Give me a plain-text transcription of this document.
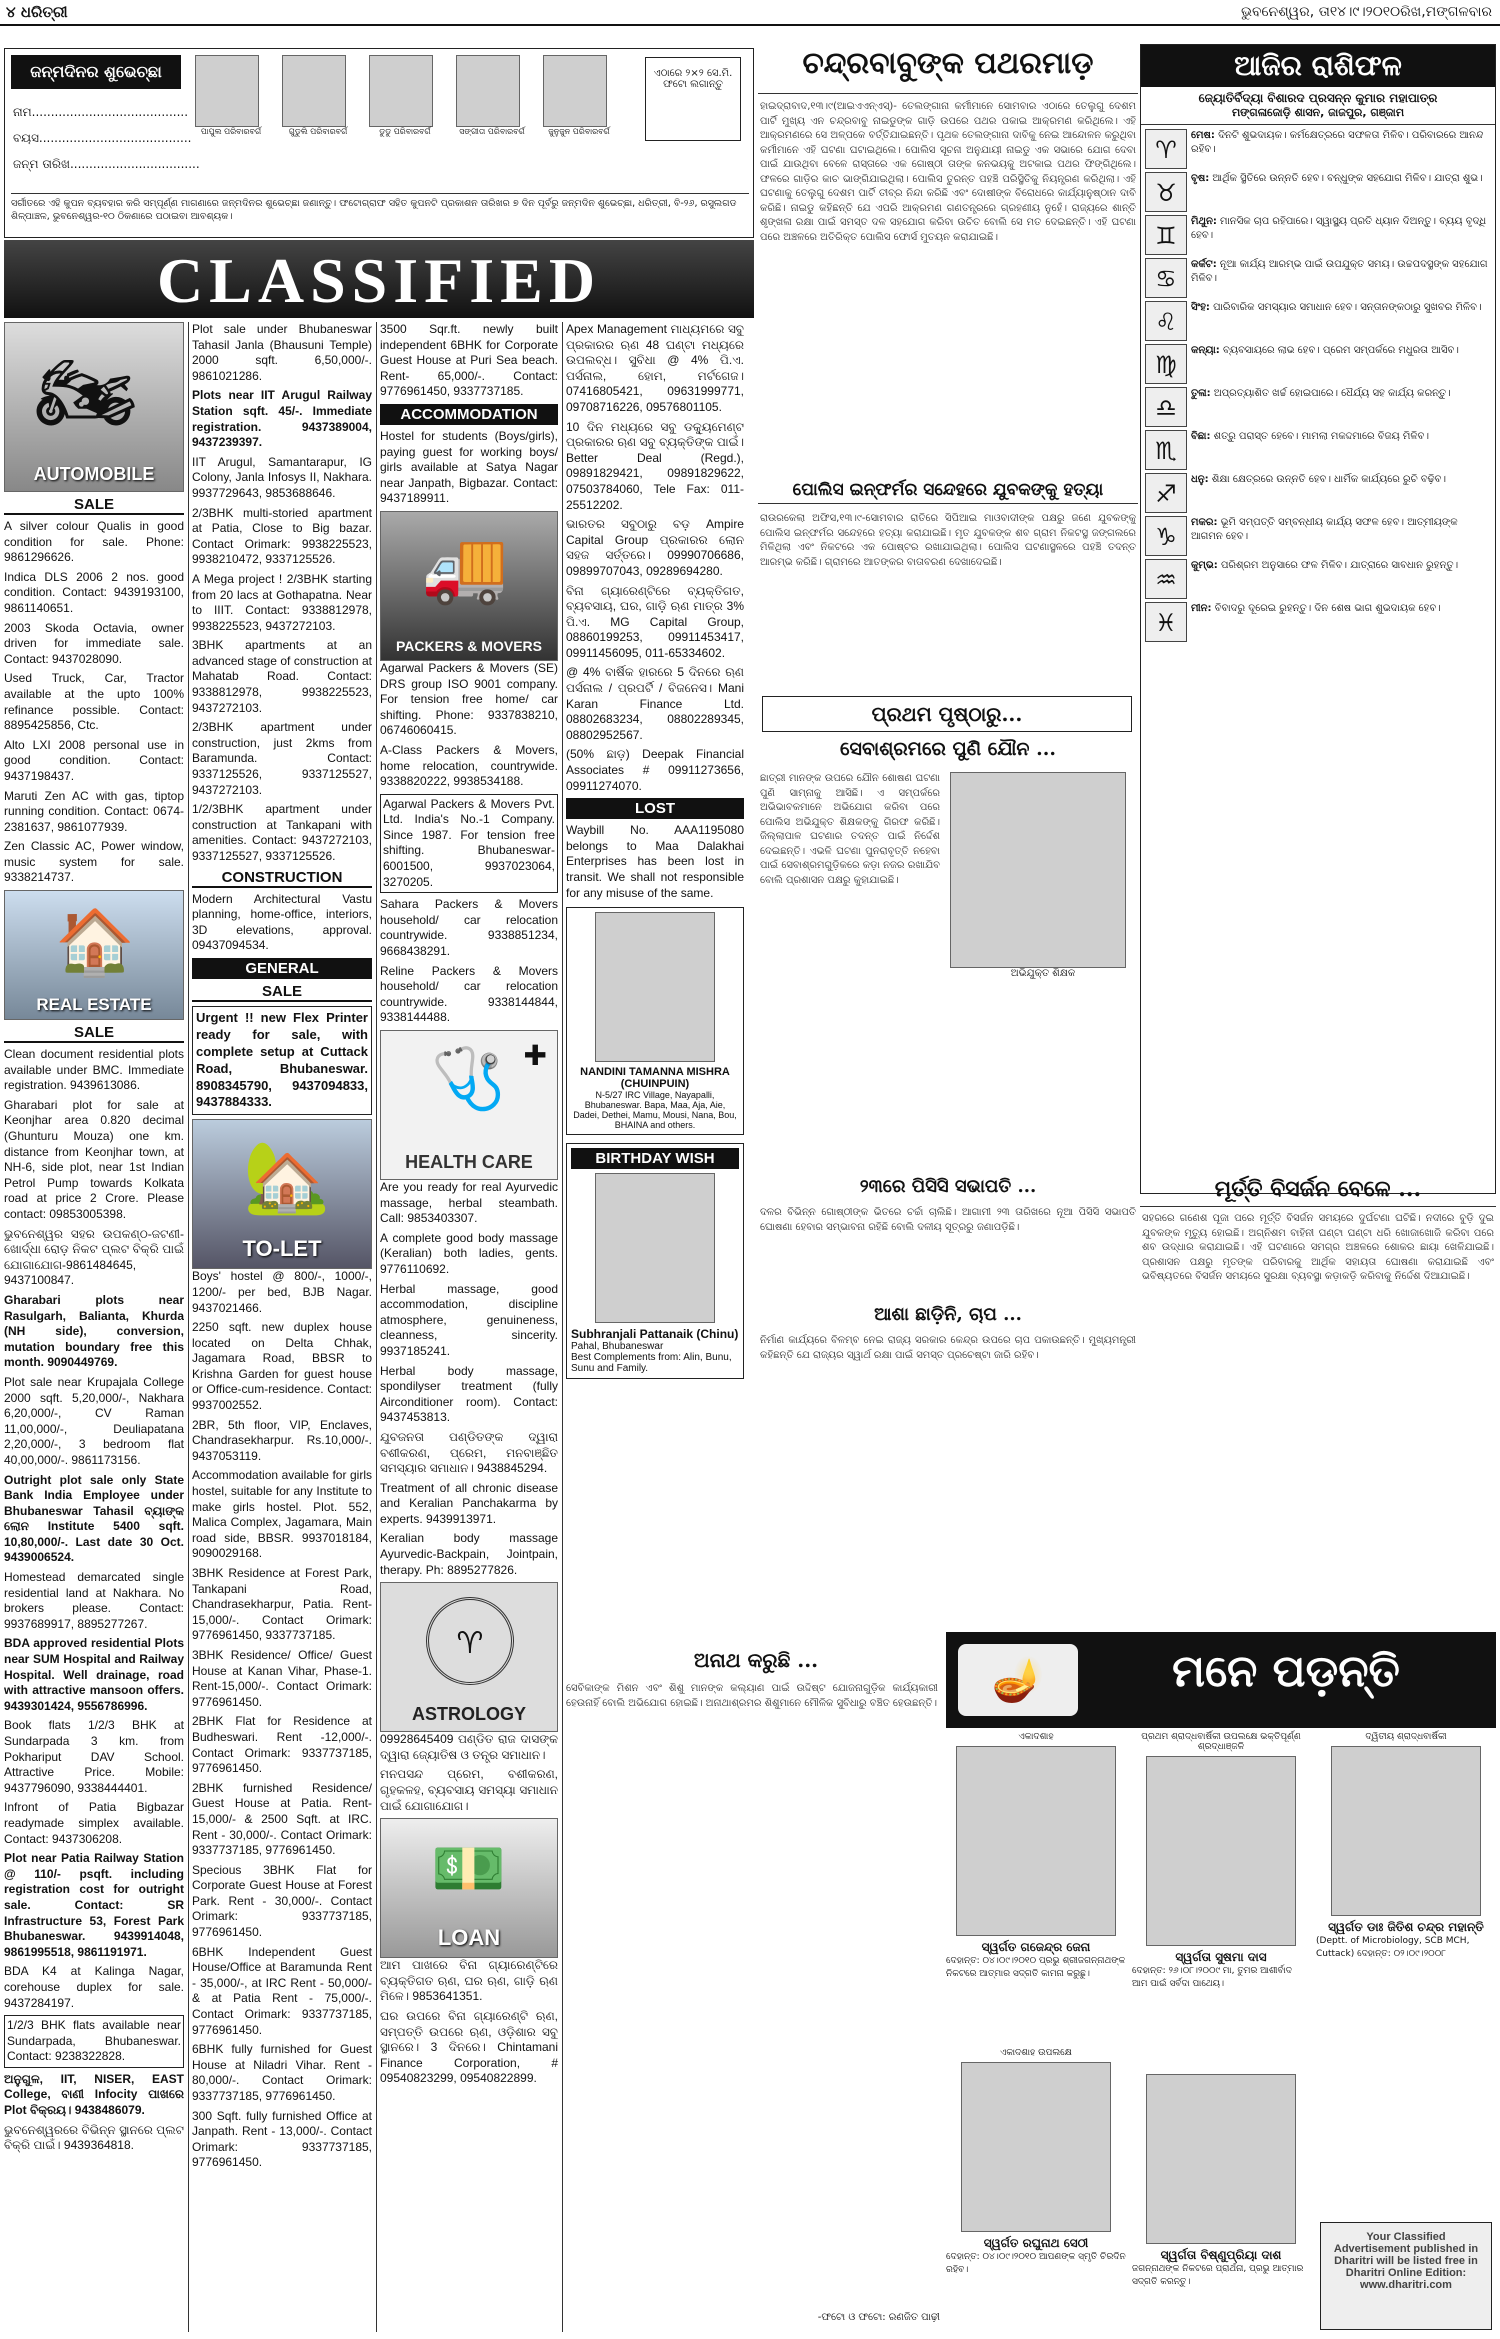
୪ ଧରିତ୍ରୀ	ଭୁବନେଶ୍ୱର, ତା୧୪।୯।୨୦୧୦ରିଖ,ମଙ୍ଗଳବାର
ଜନ୍ମଦିନର ଶୁଭେଚ୍ଛା
ନାମ.........................................
ବୟସ........................................
ଜନ୍ମ ତାରିଖ..................................
ପାପୁଲ ପରିବାରବର୍ଗ	ଗୁଡୁଲି ପରିବାରବର୍ଗ	ଡୁଡୁ ପରିବାରବର୍ଗ	ସଙ୍ଗୀତା ପରିବାରବର୍ଗ	ଜୁନୁଜୁନ ପରିବାରବର୍ଗ
ଏଠାରେ ୨×୨ ସେ.ମି. ଫଟୋ ଲଗାନ୍ତୁ
ସର୍ଗୀତରେ ଏହି କୁପନ ବ୍ୟବହାର କରି ସମ୍ପୂର୍ଣ୍ଣ ମାଗଣାରେ ଜନ୍ମଦିନର ଶୁଭେଚ୍ଛା ଜଣାନ୍ତୁ। ଫଟୋଗ୍ରାଫ ସହିତ କୁପନଟି ପ୍ରକାଶନ ତାରିଖର ୭ ଦିନ ପୂର୍ବରୁ ଜନ୍ମଦିନ ଶୁଭେଚ୍ଛା, ଧରିତ୍ରୀ, ବି-୨୬, ରସୁଲଗଡ ଶିଳ୍ପାଞ୍ଚଳ, ଭୁବନେଶ୍ୱର-୧୦ ଠିକଣାରେ ପଠାଇବା ଆବଶ୍ୟକ।
CLASSIFIED
🏍
AUTOMOBILE
SALE
A silver colour Qualis in good condition for sale. Phone: 9861296626.
Indica DLS 2006 2 nos. good condition. Contact: 9439193100, 9861140651.
2003 Skoda Octavia, owner driven for immediate sale. Contact: 9437028090.
Used Truck, Car, Tractor available at the upto 100% refinance possible. Contact: 8895425856, Ctc.
Alto LXI 2008 personal use in good condition. Contact: 9437198437.
Maruti Zen AC with gas, tiptop running condition. Contact: 0674-2381637, 9861077939.
Zen Classic AC, Power window, music system for sale. 9338214737.
🏠
REAL ESTATE
SALE
Clean document residential plots available under BMC. Immediate registration. 9439613086.
Gharabari plot for sale at Keonjhar area 0.820 decimal (Ghunturu Mouza) one km. distance from Keonjhar town, at NH-6, side plot, near 1st Indian Petrol Pump towards Kolkata road at price 2 Crore. Please contact: 09853005398.
ଭୁବନେଶ୍ୱର ସହର ଉପକଣ୍ଠ-ଜଟଣୀ-ଖୋର୍ଦ୍ଧା ରୋଡ଼ ନିକଟ ପ୍ଲଟ ବିକ୍ରି ପାଇଁ ଯୋଗାଯୋଗ-9861484645, 9437100847.
Gharabari plots near Rasulgarh, Balianta, Khurda (NH side), conversion, mutation boundary free this month. 9090449769.
Plot sale near Krupajala College 2000 sqft. 5,20,000/-, Nakhara 6,20,000/-, CV Raman 11,00,000/-, Deuliapatana 2,20,000/-, 3 bedroom flat 40,00,000/-. 9861173156.
Outright plot sale only State Bank India Employee under Bhubaneswar Tahasil ବ୍ୟାଙ୍କ ଲୋନ Institute 5400 sqft. 10,80,000/-. Last date 30 Oct. 9439006524.
Homestead demarcated single residential land at Nakhara. No brokers please. Contact: 9937689917, 8895277267.
BDA approved residential Plots near SUM Hospital and Railway Hospital. Well drainage, road with attractive mansoon offers. 9439301424, 9556786996.
Book flats 1/2/3 BHK at Sundarpada 3 km. from Pokhariput DAV School. Attractive Price. Mobile: 9437796090, 9338444401.
Infront of Patia Bigbazar readymade simplex available. Contact: 9437306208.
Plot near Patia Railway Station @ 110/- psqft. including registration cost for outright sale. Contact: SR Infrastructure 53, Forest Park Bhubaneswar. 9439914048, 9861995518, 9861191971.
BDA K4 at Kalinga Nagar, corehouse duplex for sale. 9437284197.
1/2/3 BHK flats available near Sundarpada, Bhubaneswar. Contact: 9238322828.
ଅନୁଗୁଳ, IIT, NISER, EAST College, ବାଣୀ Infocity ପାଖରେ Plot ବିକ୍ରୟ। 9438486079.
ଭୁବନେଶ୍ୱରରେ ବିଭିନ୍ନ ସ୍ଥାନରେ ପ୍ଲଟ ବିକ୍ରି ପାଇଁ। 9439364818.
Plot sale under Bhubaneswar Tahasil Janla (Bhausuni Temple) 2000 sqft. 6,50,000/-. 9861021286.
Plots near IIT Arugul Railway Station sqft. 45/-. Immediate registration. 9437389004, 9437239397.
IIT Arugul, Samantarapur, IG Colony, Janla Infosys II, Nakhara. 9937729643, 9853688646.
2/3BHK multi-storied apartment at Patia, Close to Big bazar. Contact Orimark: 9938225523, 9938210472, 9337125526.
A Mega project ! 2/3BHK starting from 20 lacs at Gothapatna. Near to IIIT. Contact: 9338812978, 9938225523, 9437272103.
3BHK apartments at an advanced stage of construction at Mahatab Road. Contact: 9338812978, 9938225523, 9437272103.
2/3BHK apartment under construction, just 2kms from Baramunda. Contact: 9337125526, 9337125527, 9437272103.
1/2/3BHK apartment under construction at Tankapani with amenities. Contact: 9437272103, 9337125527, 9337125526.
CONSTRUCTION
Modern Architectural Vastu planning, home-office, interiors, 3D elevations, approval. 09437094534.
GENERAL
SALE
Urgent !! new Flex Printer ready for sale, with complete setup at Cuttack Road, Bhubaneswar. 8908345790, 9437094833, 9437884333.
🏡
TO-LET
Boys' hostel @ 800/-, 1000/-, 1200/- per bed, BJB Nagar. 9437021466.
2250 sqft. new duplex house located on Delta Chhak, Jagamara Road, BBSR to Krishna Garden for guest house or Office-cum-residence. Contact: 9937002552.
2BR, 5th floor, VIP, Enclaves, Chandrasekharpur. Rs.10,000/-. 9437053119.
Accommodation available for girls hostel, suitable for any Institute to make girls hostel. Plot. 552, Malica Complex, Jagamara, Main road side, BBSR. 9937018184, 9090029168.
3BHK Residence at Forest Park, Tankapani Road, Chandrasekharpur, Patia. Rent-15,000/-. Contact Orimark: 9776961450, 9337737185.
3BHK Residence/ Office/ Guest House at Kanan Vihar, Phase-1. Rent-15,000/-. Contact Orimark: 9776961450.
2BHK Flat for Residence at Budheswari. Rent -12,000/-. Contact Orimark: 9337737185, 9776961450.
2BHK furnished Residence/ Guest House at Patia. Rent-15,000/- & 2500 Sqft. at IRC. Rent - 30,000/-. Contact Orimark: 9337737185, 9776961450.
Specious 3BHK Flat for Corporate Guest House at Forest Park. Rent - 30,000/-. Contact Orimark: 9337737185, 9776961450.
6BHK Independent Guest House/Office at Baramunda Rent - 35,000/-, at IRC Rent - 50,000/- & at Patia Rent - 75,000/-. Contact Orimark: 9337737185, 9776961450.
6BHK fully furnished for Guest House at Niladri Vihar. Rent - 80,000/-. Contact Orimark: 9337737185, 9776961450.
300 Sqft. fully furnished Office at Janpath. Rent - 13,000/-. Contact Orimark: 9337737185, 9776961450.
3500 Sqr.ft. newly built independent 6BHK for Corporate Guest House at Puri Sea beach. Rent- 65,000/-. Contact: 9776961450, 9337737185.
ACCOMMODATION
Hostel for students (Boys/girls), paying guest for working boys/ girls available at Satya Nagar near Janpath, Bigbazar. Contact: 9437189911.
🚚
PACKERS & MOVERS
Agarwal Packers & Movers (SE) DRS group ISO 9001 company. For tension free home/ car shifting. Phone: 9337838210, 06746060415.
A-Class Packers & Movers, home relocation, countrywide. 9338820222, 9938534188.
Agarwal Packers & Movers Pvt. Ltd. India's No.-1 Company. Since 1987. For tension free shifting. Bhubaneswar-6001500, 9937023064, 3270205.
Sahara Packers & Movers household/ car relocation countrywide. 9338851234, 9668438291.
Reline Packers & Movers household/ car relocation countrywide. 9338144844, 9338144488.
🩺 ✚
HEALTH CARE
Are you ready for real Ayurvedic massage, herbal steambath. Call: 9853403307.
A complete good body massage (Keralian) both ladies, gents. 9776110692.
Herbal massage, good accommodation, discipline atmosphere, genuineness, cleanness, sincerity. 9937185241.
Herbal body massage, spondilyser treatment (fully Airconditioner room). Contact: 9437453813.
ଯୁବଜନତା ପଣ୍ଡିତଙ୍କ ଦ୍ୱାରା ବଶୀକରଣ, ପ୍ରେମ, ମନବାଞ୍ଛିତ ସମସ୍ୟାର ସମାଧାନ। 9438845294.
Treatment of all chronic disease and Keralian Panchakarma by experts. 9439913971.
Keralian body massage Ayurvedic-Backpain, Jointpain, therapy. Ph: 8895277826.
♈
ASTROLOGY
09928645409 ପଣ୍ଡିତ ରାଜ ଦାସଙ୍କ ଦ୍ୱାରା ଜ୍ୟୋତିଷ ଓ ତନ୍ତ୍ର ସମାଧାନ।
ମନପସନ୍ଦ ପ୍ରେମ, ବଶୀକରଣ, ଗୃହକଳହ, ବ୍ୟବସାୟ ସମସ୍ୟା ସମାଧାନ ପାଇଁ ଯୋଗାଯୋଗ।
💵
LOAN
ଆମ ପାଖରେ ବିନା ଗ୍ୟାରେଣ୍ଟିରେ ବ୍ୟକ୍ତିଗତ ଋଣ, ଘର ଋଣ, ଗାଡ଼ି ଋଣ ମିଳେ। 9853641351.
ଘର ଉପରେ ବିନା ଗ୍ୟାରେଣ୍ଟି ଋଣ, ସମ୍ପତ୍ତି ଉପରେ ଋଣ, ଓଡ଼ିଶାର ସବୁ ସ୍ଥାନରେ। 3 ଦିନରେ। Chintamani Finance Corporation, # 09540823299, 09540822899.
Apex Management ମାଧ୍ୟମରେ ସବୁ ପ୍ରକାରର ଋଣ 48 ଘଣ୍ଟା ମଧ୍ୟରେ ଉପଲବ୍ଧ। ସୁବିଧା @ 4% ପି.ଏ. ପର୍ସନାଲ, ହୋମ, ମର୍ଟଗେଜ। 07416805421, 09631999771, 09708716226, 09576801105.
10 ଦିନ ମଧ୍ୟରେ ସବୁ ଡକ୍ୟୁମେଣ୍ଟ ପ୍ରକାରର ଋଣ ସବୁ ବ୍ୟକ୍ତିଙ୍କ ପାଇଁ। Better Deal (Regd.), 09891829421, 09891829622, 07503784060, Tele Fax: 011-25512202.
ଭାରତର ସବୁଠାରୁ ବଡ଼ Ampire Capital Group ପ୍ରକାରର ଲୋନ ସହଜ ସର୍ତ୍ତରେ। 09990706686, 09899707043, 09289694280.
ବିନା ଗ୍ୟାରେଣ୍ଟିରେ ବ୍ୟକ୍ତିଗତ, ବ୍ୟବସାୟ, ଘର, ଗାଡ଼ି ଋଣ ମାତ୍ର 3% ପି.ଏ. MG Capital Group, 08860199253, 09911453417, 09911456095, 011-65334602.
@ 4% ବାର୍ଷିକ ହାରରେ 5 ଦିନରେ ଋଣ ପର୍ସନାଲ / ପ୍ରପର୍ଟି / ବିଜନେସ। Mani Karan Finance Ltd. 08802683234, 08802289345, 08802952567.
(50% ଛାଡ଼) Deepak Financial Associates # 09911273656, 09911274070.
LOST
Waybill No. AAA1195080 belongs to Maa Dalakhai Enterprises has been lost in transit. We shall not responsible for any misuse of the same.
NANDINI TAMANNA MISHRA (CHUINPUIN)
N-5/27 IRC Village, Nayapalli, Bhubaneswar. Bapa, Maa, Aja, Aie, Dadei, Dethei, Mamu, Mousi, Nana, Bou, BHAINA and others.
BIRTHDAY WISH
Subhranjali Pattanaik (Chinu)
Pahal, Bhubaneswar
Best Complements from: Alin, Bunu, Sunu and Family.
ଚନ୍ଦ୍ରବାବୁଙ୍କ ପଥରମାଡ଼
ହାଇଦ୍ରାବାଦ,୧୩।୯(ଆଇଏଏନ୍‌ଏସ୍‌)- ତେଲଙ୍ଗାନା କର୍ମୀମାନେ ସୋମବାର ଏଠାରେ ତେଲୁଗୁ ଦେଶମ ପାର୍ଟି ମୁଖ୍ୟ ଏନ ଚନ୍ଦ୍ରବାବୁ ନାଇଡୁଙ୍କ ଗାଡ଼ି ଉପରେ ପଥର ପକାଇ ଆକ୍ରମଣ କରିଥିଲେ। ଏହି ଆକ୍ରମଣରେ ସେ ଅଳ୍ପକେ ବର୍ତ୍ତିଯାଇଛନ୍ତି। ପୃଥକ ତେଲଙ୍ଗାନା ଦାବିକୁ ନେଇ ଆନ୍ଦୋଳନ କରୁଥିବା କର୍ମୀମାନେ ଏହି ଘଟଣା ଘଟାଇଥିଲେ। ପୋଲିସ ସୂଚନା ଅନୁଯାୟୀ ନାଇଡୁ ଏକ ସଭାରେ ଯୋଗ ଦେବା ପାଇଁ ଯାଉଥିବା ବେଳେ ରାସ୍ତାରେ ଏକ ଗୋଷ୍ଠୀ ତାଙ୍କ କନଭୟକୁ ଅଟକାଇ ପଥର ଫିଙ୍ଗିଥିଲେ। ଫଳରେ ଗାଡ଼ିର କାଚ ଭାଙ୍ଗିଯାଇଥିଲା। ପୋଲିସ ତୁରନ୍ତ ପହଞ୍ଚି ପରିସ୍ଥିତିକୁ ନିୟନ୍ତ୍ରଣ କରିଥିଲା। ଏହି ଘଟଣାକୁ ତେଲୁଗୁ ଦେଶମ ପାର୍ଟି ତୀବ୍ର ନିନ୍ଦା କରିଛି ଏବଂ ଦୋଷୀଙ୍କ ବିରୋଧରେ କାର୍ଯ୍ୟାନୁଷ୍ଠାନ ଦାବି କରିଛି। ନାଇଡୁ କହିଛନ୍ତି ଯେ ଏପରି ଆକ୍ରମଣ ଗଣତନ୍ତ୍ରରେ ଗ୍ରହଣୀୟ ନୁହେଁ। ରାଜ୍ୟରେ ଶାନ୍ତି ଶୃଙ୍ଖଳା ରକ୍ଷା ପାଇଁ ସମସ୍ତ ଦଳ ସହଯୋଗ କରିବା ଉଚିତ ବୋଲି ସେ ମତ ଦେଇଛନ୍ତି। ଏହି ଘଟଣା ପରେ ଅଞ୍ଚଳରେ ଅତିରିକ୍ତ ପୋଲିସ ଫୋର୍ସ ମୁତୟନ କରାଯାଇଛି।
ପୋଲିସ ଇନ୍‌ଫର୍ମର ସନ୍ଦେହରେ ଯୁବକଙ୍କୁ ହତ୍ୟା
ରାଉରକେଲା ଅଫିସ,୧୩।୯-ସୋମବାର ରାତିରେ ସିପିଆଇ ମାଓବାଦୀଙ୍କ ପକ୍ଷରୁ ଜଣେ ଯୁବକଙ୍କୁ ପୋଲିସ ଇନ୍‌ଫର୍ମର ସନ୍ଦେହରେ ହତ୍ୟା କରାଯାଇଛି। ମୃତ ଯୁବକଙ୍କ ଶବ ଗ୍ରାମ ନିକଟସ୍ଥ ଜଙ୍ଗଲରେ ମିଳିଥିଲା ଏବଂ ନିକଟରେ ଏକ ପୋଷ୍ଟର ରଖାଯାଇଥିଲା। ପୋଲିସ ଘଟଣାସ୍ଥଳରେ ପହଞ୍ଚି ତଦନ୍ତ ଆରମ୍ଭ କରିଛି। ଗ୍ରାମରେ ଆତଙ୍କର ବାତାବରଣ ଦେଖାଦେଇଛି।
ପ୍ରଥମ ପୃଷ୍ଠାରୁ...
ସେବାଶ୍ରମରେ ପୁଣି ଯୌନ ...
ଛାତ୍ରୀ ମାନଙ୍କ ଉପରେ ଯୌନ ଶୋଷଣ ଘଟଣା ପୁଣି ସାମ୍ନାକୁ ଆସିଛି। ଏ ସମ୍ପର୍କରେ ଅଭିଭାବକମାନେ ଅଭିଯୋଗ କରିବା ପରେ ପୋଲିସ ଅଭିଯୁକ୍ତ ଶିକ୍ଷକଙ୍କୁ ଗିରଫ କରିଛି। ଜିଲ୍ଲାପାଳ ଘଟଣାର ତଦନ୍ତ ପାଇଁ ନିର୍ଦ୍ଦେଶ ଦେଇଛନ୍ତି। ଏଭଳି ଘଟଣା ପୁନରାବୃତ୍ତି ନହେବା ପାଇଁ ସେବାଶ୍ରମଗୁଡ଼ିକରେ କଡ଼ା ନଜର ରଖାଯିବ ବୋଲି ପ୍ରଶାସନ ପକ୍ଷରୁ କୁହାଯାଇଛି।
ଅଭିଯୁକ୍ତ ଶିକ୍ଷକ
୨୩ରେ ପିସିସି ସଭାପତି ...
ଦଳର ବିଭିନ୍ନ ଗୋଷ୍ଠୀଙ୍କ ଭିତରେ ଚର୍ଚ୍ଚା ଚାଲିଛି। ଆଗାମୀ ୨୩ ତାରିଖରେ ନୂଆ ପିସିସି ସଭାପତି ଘୋଷଣା ହେବାର ସମ୍ଭାବନା ରହିଛି ବୋଲି ଦଳୀୟ ସୂତ୍ରରୁ ଜଣାପଡ଼ିଛି।
ଆଶା ଛାଡ଼ିନି, ଚାପ ...
ନିର୍ମାଣ କାର୍ଯ୍ୟରେ ବିଳମ୍ବ ନେଇ ରାଜ୍ୟ ସରକାର କେନ୍ଦ୍ର ଉପରେ ଚାପ ପକାଉଛନ୍ତି। ମୁଖ୍ୟମନ୍ତ୍ରୀ କହିଛନ୍ତି ଯେ ରାଜ୍ୟର ସ୍ୱାର୍ଥ ରକ୍ଷା ପାଇଁ ସମସ୍ତ ପ୍ରଚେଷ୍ଟା ଜାରି ରହିବ।
ଅନାଥ କରୁଛି ...
ସେବିକାଙ୍କ ମିଶନ ଏବଂ ଶିଶୁ ମାନଙ୍କ କଲ୍ୟାଣ ପାଇଁ ଉଦ୍ଦିଷ୍ଟ ଯୋଜନାଗୁଡ଼ିକ କାର୍ଯ୍ୟକାରୀ ହେଉନାହିଁ ବୋଲି ଅଭିଯୋଗ ହୋଇଛି। ଅନାଥାଶ୍ରମର ଶିଶୁମାନେ ମୌଳିକ ସୁବିଧାରୁ ବଞ୍ଚିତ ହେଉଛନ୍ତି।
-ଫଟୋ ଓ ଫଟୋ: ରଣଜିତ ପାଢ଼ୀ
ଆଜିର ରାଶିଫଳ
ଜ୍ୟୋତିର୍ବିଦ୍ୟା ବିଶାରଦ ପ୍ରସନ୍ନ କୁମାର ମହାପାତ୍ର
ମଙ୍ଗଳାଜୋଡ଼ି ଶାସନ, ଜାଜପୁର, ଗଞ୍ଜାମ
♈
ମେଷ: ଦିନଟି ଶୁଭଦାୟକ। କର୍ମକ୍ଷେତ୍ରରେ ସଫଳତା ମିଳିବ। ପରିବାରରେ ଆନନ୍ଦ ରହିବ।
♉
ବୃଷ: ଆର୍ଥିକ ସ୍ଥିତିରେ ଉନ୍ନତି ହେବ। ବନ୍ଧୁଙ୍କ ସହଯୋଗ ମିଳିବ। ଯାତ୍ରା ଶୁଭ।
♊
ମିଥୁନ: ମାନସିକ ଚାପ ରହିପାରେ। ସ୍ୱାସ୍ଥ୍ୟ ପ୍ରତି ଧ୍ୟାନ ଦିଅନ୍ତୁ। ବ୍ୟୟ ବୃଦ୍ଧି ହେବ।
♋
କର୍କଟ: ନୂଆ କାର୍ଯ୍ୟ ଆରମ୍ଭ ପାଇଁ ଉପଯୁକ୍ତ ସମୟ। ଉଚ୍ଚପଦସ୍ଥଙ୍କ ସହଯୋଗ ମିଳିବ।
♌
ସିଂହ: ପାରିବାରିକ ସମସ୍ୟାର ସମାଧାନ ହେବ। ସନ୍ତାନଙ୍କଠାରୁ ସୁଖବର ମିଳିବ।
♍
କନ୍ୟା: ବ୍ୟବସାୟରେ ଲାଭ ହେବ। ପ୍ରେମ ସମ୍ପର୍କରେ ମଧୁରତା ଆସିବ।
♎
ତୁଳା: ଅପ୍ରତ୍ୟାଶିତ ଖର୍ଚ୍ଚ ହୋଇପାରେ। ଧୈର୍ଯ୍ୟ ସହ କାର୍ଯ୍ୟ କରନ୍ତୁ।
♏
ବିଛା: ଶତ୍ରୁ ପରାସ୍ତ ହେବେ। ମାମଲା ମକଦ୍ଦମାରେ ବିଜୟ ମିଳିବ।
♐
ଧନୁ: ଶିକ୍ଷା କ୍ଷେତ୍ରରେ ଉନ୍ନତି ହେବ। ଧାର୍ମିକ କାର୍ଯ୍ୟରେ ରୁଚି ବଢ଼ିବ।
♑
ମକର: ଭୂମି ସମ୍ପତ୍ତି ସମ୍ବନ୍ଧୀୟ କାର୍ଯ୍ୟ ସଫଳ ହେବ। ଆତ୍ମୀୟଙ୍କ ଆଗମନ ହେବ।
♒
କୁମ୍ଭ: ପରିଶ୍ରମ ଅନୁସାରେ ଫଳ ମିଳିବ। ଯାତ୍ରାରେ ସାବଧାନ ରୁହନ୍ତୁ।
♓
ମୀନ: ବିବାଦରୁ ଦୂରେଇ ରୁହନ୍ତୁ। ଦିନ ଶେଷ ଭାଗ ଶୁଭଦାୟକ ହେବ।
ମୂର୍ତ୍ତି ବିସର୍ଜନ ବେଳେ ...
ସହରରେ ଗଣେଶ ପୂଜା ପରେ ମୂର୍ତ୍ତି ବିସର୍ଜନ ସମୟରେ ଦୁର୍ଘଟଣା ଘଟିଛି। ନଦୀରେ ବୁଡ଼ି ଦୁଇ ଯୁବକଙ୍କ ମୃତ୍ୟୁ ହୋଇଛି। ଅଗ୍ନିଶମ ବାହିନୀ ଘଣ୍ଟା ଘଣ୍ଟା ଧରି ଖୋଜାଖୋଜି କରିବା ପରେ ଶବ ଉଦ୍ଧାର କରାଯାଇଛି। ଏହି ଘଟଣାରେ ସମଗ୍ର ଅଞ୍ଚଳରେ ଶୋକର ଛାୟା ଖେଳିଯାଇଛି। ପ୍ରଶାସନ ପକ୍ଷରୁ ମୃତଙ୍କ ପରିବାରକୁ ଆର୍ଥିକ ସହାୟତା ଘୋଷଣା କରାଯାଇଛି ଏବଂ ଭବିଷ୍ୟତରେ ବିସର୍ଜନ ସମୟରେ ସୁରକ୍ଷା ବ୍ୟବସ୍ଥା କଡ଼ାକଡ଼ି କରିବାକୁ ନିର୍ଦ୍ଦେଶ ଦିଆଯାଇଛି।
🪔	ମନେ ପଡ଼ନ୍ତି
ଏକାଦଶାହ
ସ୍ୱର୍ଗତ ଗଜେନ୍ଦ୍ର ଜେନା
ଦେହାନ୍ତ: ୦୪।୦୯।୨୦୧୦ ପ୍ରଭୁ ଶ୍ରୀଜଗନ୍ନାଥଙ୍କ ନିକଟରେ ଆତ୍ମାର ସଦ୍‌ଗତି କାମନା କରୁଛୁ।
ପ୍ରଥମ ଶ୍ରାଦ୍ଧବାର୍ଷିକୀ ଉପଲକ୍ଷେ ଭକ୍ତିପୂର୍ଣ୍ଣ ଶ୍ରଦ୍ଧାଞ୍ଜଳି
ସ୍ୱର୍ଗତା ସୁଷମା ଦାସ
ଦେହାନ୍ତ: ୨୬।୦୮।୨୦୦୯ ମା, ତୁମର ଆଶୀର୍ବାଦ ଆମ ପାଇଁ ସର୍ବଦା ପାଥେୟ।
ଦ୍ୱିତୀୟ ଶ୍ରାଦ୍ଧବାର୍ଷିକୀ
ସ୍ୱର୍ଗତ ଡାଃ ଜିତିଶ ଚନ୍ଦ୍ର ମହାନ୍ତି
(Deptt. of Microbiology, SCB MCH, Cuttack) ଦେହାନ୍ତ: ୦୨।୦୯।୨୦୦୮
ଏକାଦଶାହ ଉପଲକ୍ଷେ
ସ୍ୱର୍ଗତ ରଘୁନାଥ ସେଠୀ
ଦେହାନ୍ତ: ୦୪।୦୯।୨୦୧୦ ଆପଣଙ୍କ ସ୍ମୃତି ଚିରଦିନ ରହିବ।
ସ୍ୱର୍ଗତା ବିଷ୍ଣୁପ୍ରିୟା ଦାଶ
ଜଗନ୍ନାଥଙ୍କ ନିକଟରେ ପ୍ରାର୍ଥନା, ପ୍ରଭୁ ଆତ୍ମାର ସଦ୍‌ଗତି କରନ୍ତୁ।
Your Classified Advertisement published in Dharitri will be listed free in Dharitri Online Edition: www.dharitri.com
